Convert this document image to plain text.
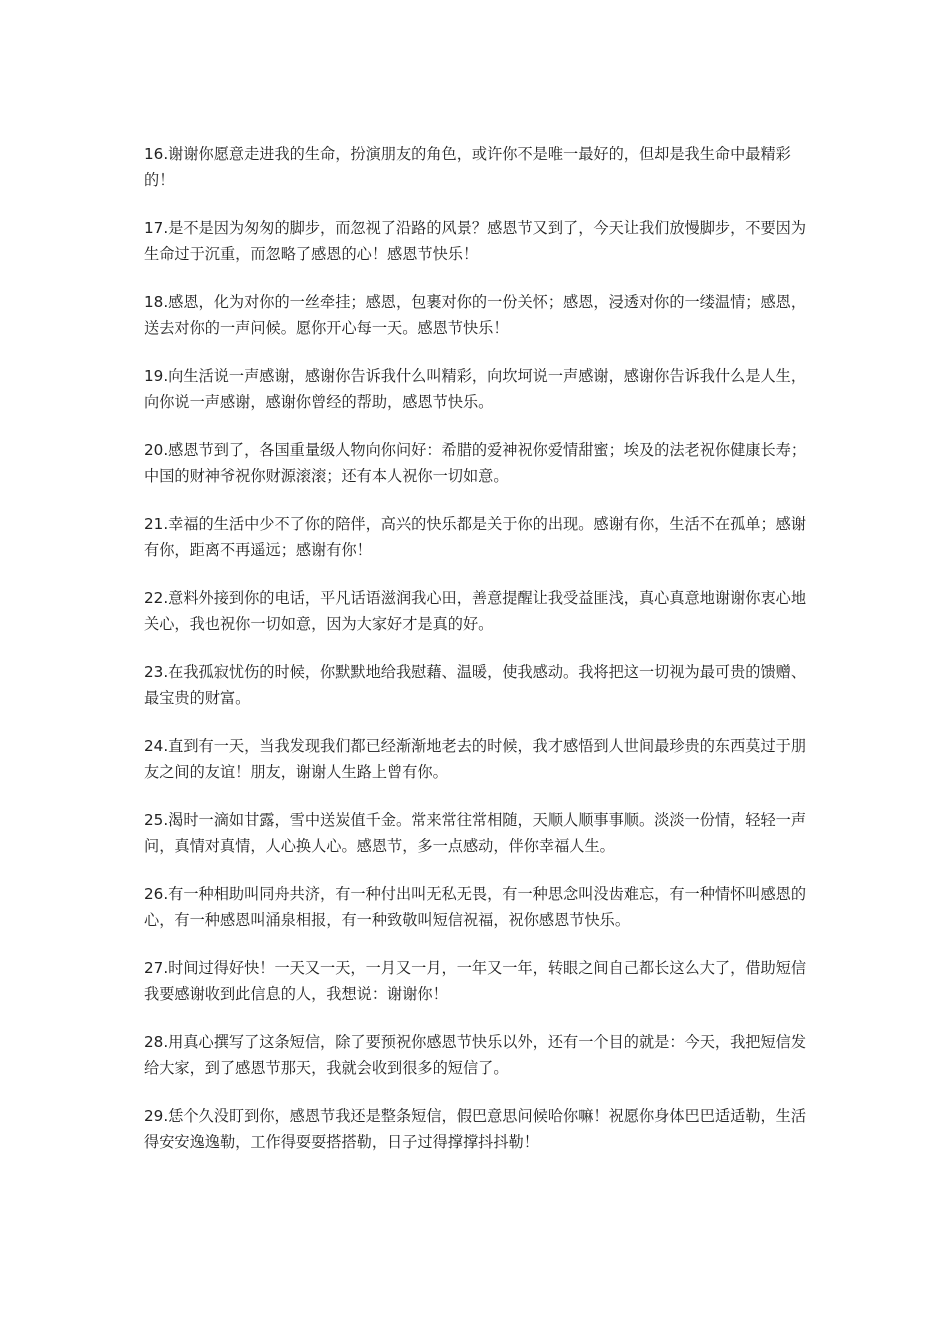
16.谢谢你愿意走进我的生命，扮演朋友的角色，或许你不是唯一最好的，但却是我生命中最精彩的！

17.是不是因为匆匆的脚步，而忽视了沿路的风景？感恩节又到了，今天让我们放慢脚步，不要因为生命过于沉重，而忽略了感恩的心！感恩节快乐！

18.感恩，化为对你的一丝牵挂；感恩，包裹对你的一份关怀；感恩，浸透对你的一缕温情；感恩，送去对你的一声问候。愿你开心每一天。感恩节快乐！

19.向生活说一声感谢，感谢你告诉我什么叫精彩，向坎坷说一声感谢，感谢你告诉我什么是人生，向你说一声感谢，感谢你曾经的帮助，感恩节快乐。

20.感恩节到了，各国重量级人物向你问好：希腊的爱神祝你爱情甜蜜；埃及的法老祝你健康长寿；中国的财神爷祝你财源滚滚；还有本人祝你一切如意。

21.幸福的生活中少不了你的陪伴，高兴的快乐都是关于你的出现。感谢有你，生活不在孤单；感谢有你，距离不再遥远；感谢有你！

22.意料外接到你的电话，平凡话语滋润我心田，善意提醒让我受益匪浅，真心真意地谢谢你衷心地关心，我也祝你一切如意，因为大家好才是真的好。

23.在我孤寂忧伤的时候，你默默地给我慰藉、温暖，使我感动。我将把这一切视为最可贵的馈赠、最宝贵的财富。

24.直到有一天，当我发现我们都已经渐渐地老去的时候，我才感悟到人世间最珍贵的东西莫过于朋友之间的友谊！朋友，谢谢人生路上曾有你。

25.渴时一滴如甘露，雪中送炭值千金。常来常往常相随，天顺人顺事事顺。淡淡一份情，轻轻一声问，真情对真情，人心换人心。感恩节，多一点感动，伴你幸福人生。

26.有一种相助叫同舟共济，有一种付出叫无私无畏，有一种思念叫没齿难忘，有一种情怀叫感恩的心，有一种感恩叫涌泉相报，有一种致敬叫短信祝福，祝你感恩节快乐。

27.时间过得好快！一天又一天，一月又一月，一年又一年，转眼之间自己都长这么大了，借助短信我要感谢收到此信息的人，我想说：谢谢你！

28.用真心撰写了这条短信，除了要预祝你感恩节快乐以外，还有一个目的就是：今天，我把短信发给大家，到了感恩节那天，我就会收到很多的短信了。

29.恁个久没盯到你，感恩节我还是整条短信，假巴意思问候哈你嘛！祝愿你身体巴巴适适勒，生活得安安逸逸勒，工作得耍耍搭搭勒，日子过得撑撑抖抖勒！
